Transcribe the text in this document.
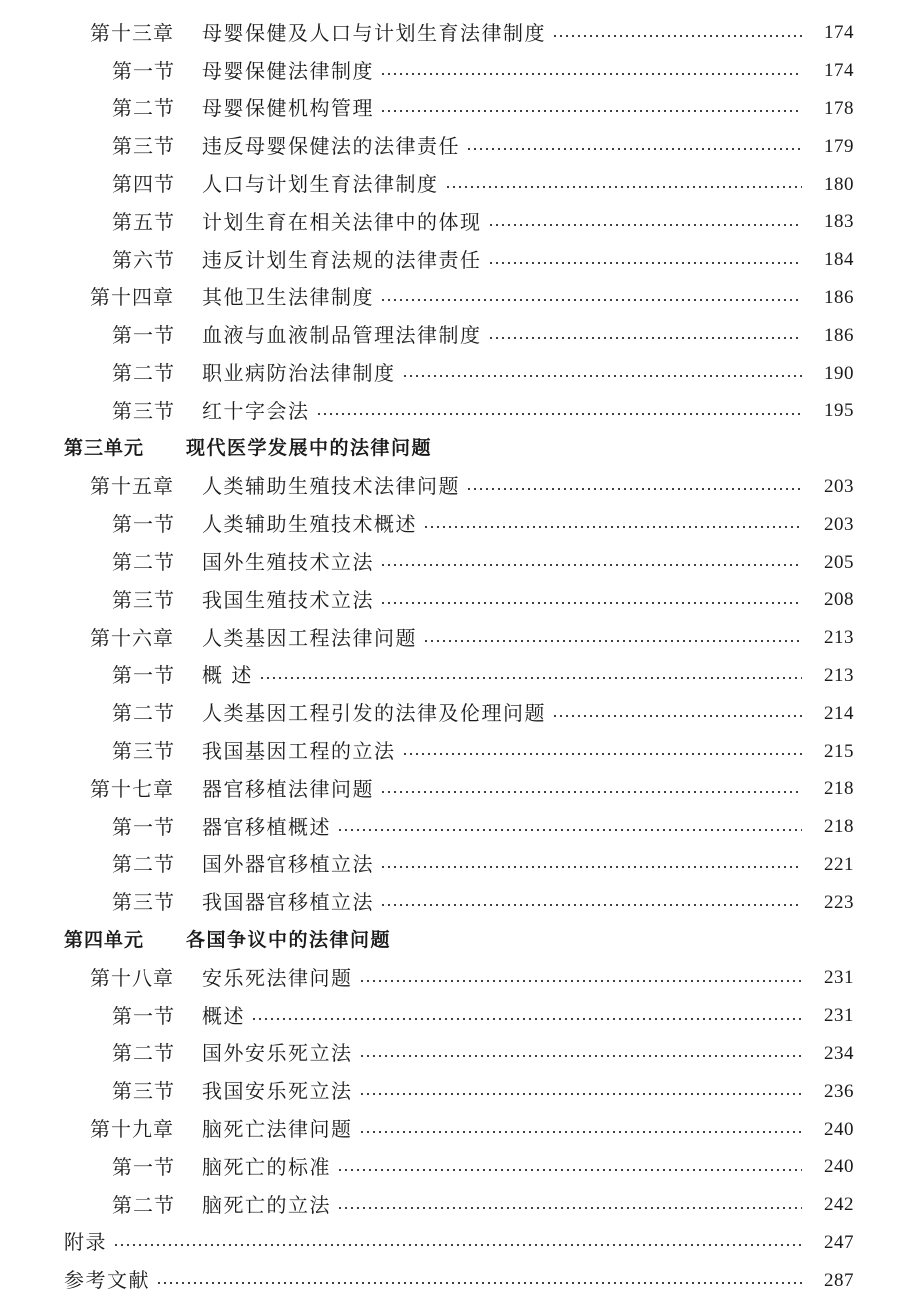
第十三章	母婴保健及人口与计划生育法律制度	174
第一节	母婴保健法律制度	174
第二节	母婴保健机构管理	178
第三节	违反母婴保健法的法律责任	179
第四节	人口与计划生育法律制度	180
第五节	计划生育在相关法律中的体现	183
第六节	违反计划生育法规的法律责任	184
第十四章	其他卫生法律制度	186
第一节	血液与血液制品管理法律制度	186
第二节	职业病防治法律制度	190
第三节	红十字会法	195
第三单元	现代医学发展中的法律问题
第十五章	人类辅助生殖技术法律问题	203
第一节	人类辅助生殖技术概述	203
第二节	国外生殖技术立法	205
第三节	我国生殖技术立法	208
第十六章	人类基因工程法律问题	213
第一节	概 述	213
第二节	人类基因工程引发的法律及伦理问题	214
第三节	我国基因工程的立法	215
第十七章	器官移植法律问题	218
第一节	器官移植概述	218
第二节	国外器官移植立法	221
第三节	我国器官移植立法	223
第四单元	各国争议中的法律问题
第十八章	安乐死法律问题	231
第一节	概述	231
第二节	国外安乐死立法	234
第三节	我国安乐死立法	236
第十九章	脑死亡法律问题	240
第一节	脑死亡的标准	240
第二节	脑死亡的立法	242
附录	247
参考文献	287
